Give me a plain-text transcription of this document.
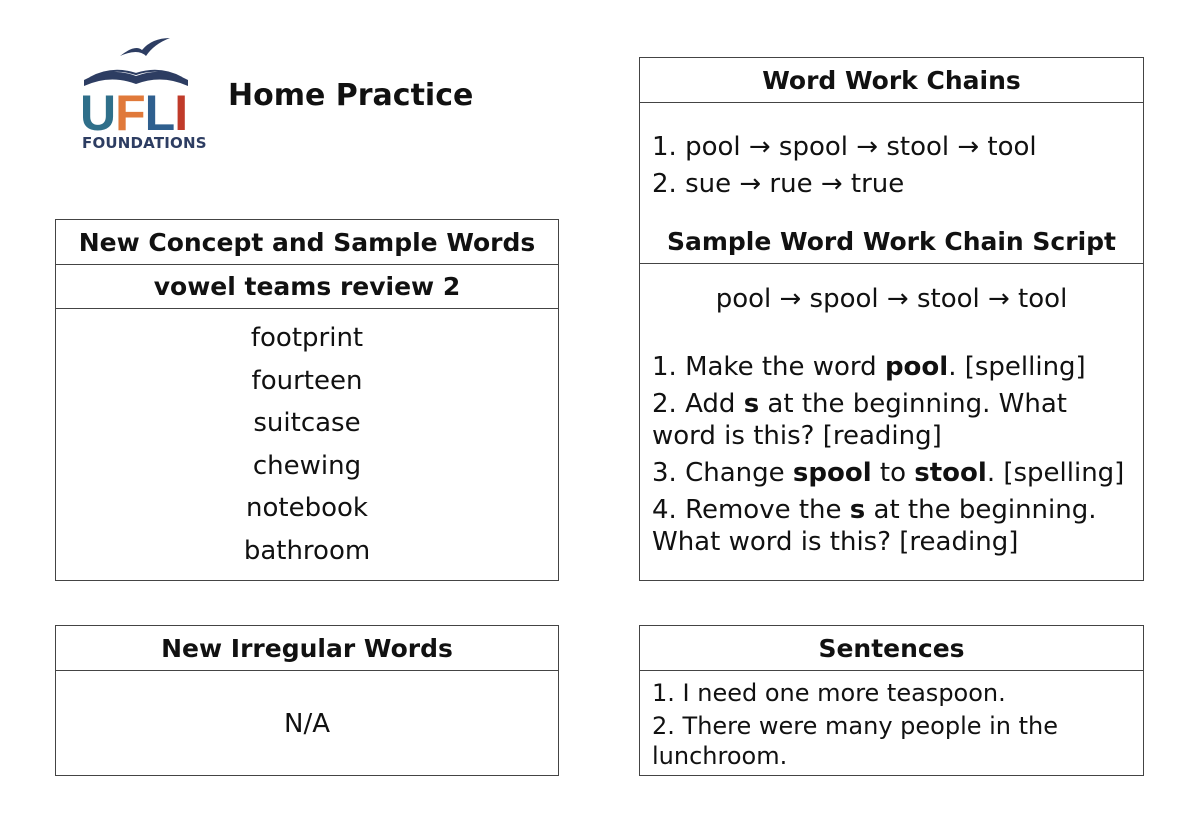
UFLI
FOUNDATIONS
Home Practice
New Concept and Sample Words
vowel teams review 2
footprint
fourteen
suitcase
chewing
notebook
bathroom
New Irregular Words
N/A
Word Work Chains
1. pool → spool → stool → tool
2. sue → rue → true
Sample Word Work Chain Script
pool → spool → stool → tool
1. Make the word pool. [spelling]
2. Add s at the beginning. What
word is this? [reading]
3. Change spool to stool. [spelling]
4. Remove the s at the beginning.
What word is this? [reading]
Sentences
1. I need one more teaspoon.
2. There were many people in the
lunchroom.
